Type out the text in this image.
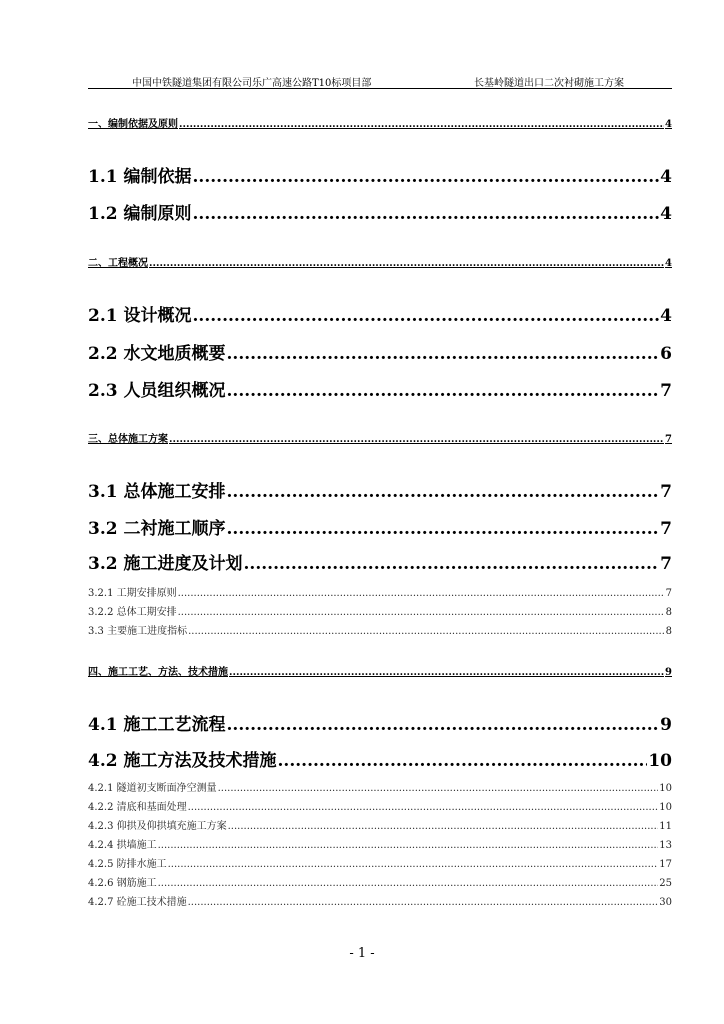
中国中铁隧道集团有限公司乐广高速公路T10标项目部	长基岭隧道出口二次衬砌施工方案
一、编制依据及原则 .....	4
1.1 编制依据 .....	4
1.2 编制原则 .....	4
二、工程概况 .....	4
2.1 设计概况 .....	4
2.2 水文地质概要 .....	6
2.3 人员组织概况 .....	7
三、总体施工方案 .....	7
3.1 总体施工安排 .....	7
3.2 二衬施工顺序 .....	7
3.2 施工进度及计划 .....	7
3.2.1 工期安排原则 .....	7
3.2.2 总体工期安排 .....	8
3.3 主要施工进度指标 .....	8
四、施工工艺、方法、技术措施 .....	9
4.1 施工工艺流程 .....	9
4.2 施工方法及技术措施 .....	10
4.2.1 隧道初支断面净空测量 .....	10
4.2.2 清底和基面处理 .....	10
4.2.3 仰拱及仰拱填充施工方案 .....	11
4.2.4 拱墙施工 .....	13
4.2.5 防排水施工 .....	17
4.2.6 钢筋施工 .....	25
4.2.7 砼施工技术措施 .....	30
- 1 -
